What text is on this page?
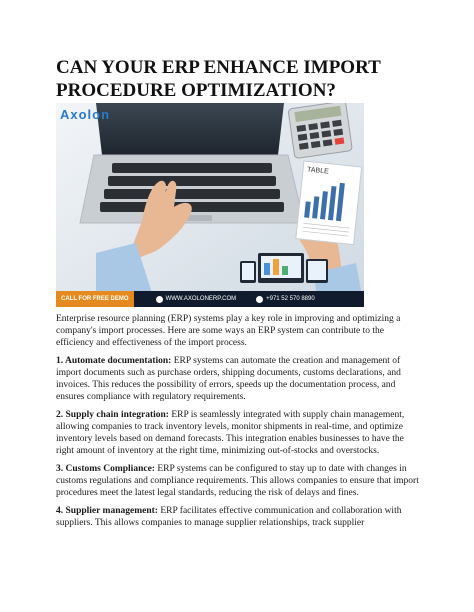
CAN YOUR ERP ENHANCE IMPORT PROCEDURE OPTIMIZATION?
TABLE
Axolon
CALL FOR FREE DEMO	WWW.AXOLONERP.COM	+971 52 570 8890

Enterprise resource planning (ERP) systems play a key role in improving and optimizing a company's import processes. Here are some ways an ERP system can contribute to the efficiency and effectiveness of the import process.

1. Automate documentation: ERP systems can automate the creation and management of import documents such as purchase orders, shipping documents, customs declarations, and invoices. This reduces the possibility of errors, speeds up the documentation process, and ensures compliance with regulatory requirements.

2. Supply chain integration: ERP is seamlessly integrated with supply chain management, allowing companies to track inventory levels, monitor shipments in real-time, and optimize inventory levels based on demand forecasts. This integration enables businesses to have the right amount of inventory at the right time, minimizing out-of-stocks and overstocks.

3. Customs Compliance: ERP systems can be configured to stay up to date with changes in customs regulations and compliance requirements. This allows companies to ensure that import procedures meet the latest legal standards, reducing the risk of delays and fines.

4. Supplier management: ERP facilitates effective communication and collaboration with suppliers. This allows companies to manage supplier relationships, track supplier
